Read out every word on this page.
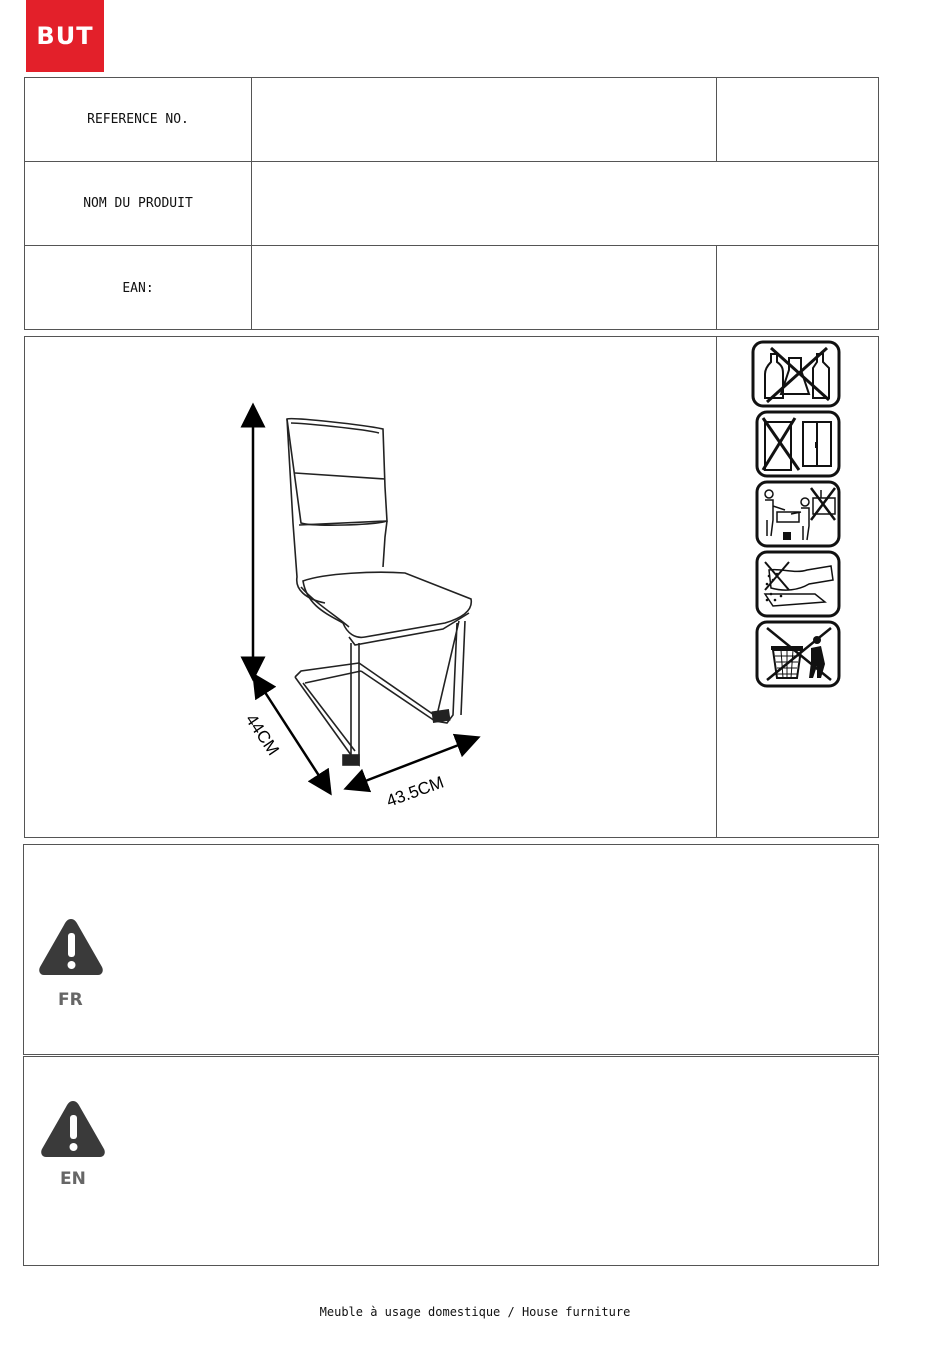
BUT
REFERENCE NO.
NOM DU PRODUIT
EAN:
44CM
43.5CM
FR
EN
Meuble à usage domestique / House furniture
